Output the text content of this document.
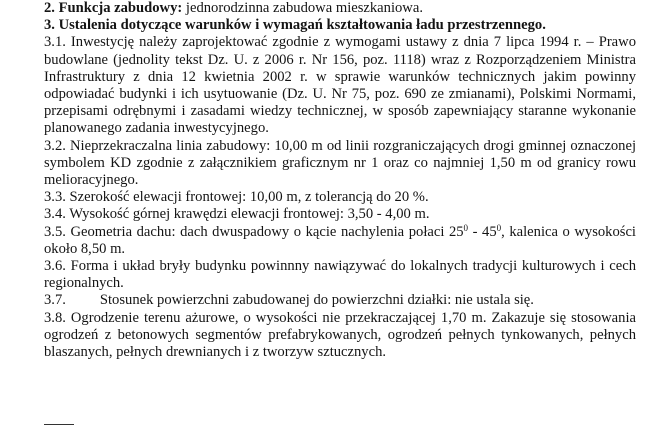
2. Funkcja zabudowy: jednorodzinna zabudowa mieszkaniowa.

3. Ustalenia dotyczące warunków i wymagań kształtowania ładu przestrzennego.

3.1. Inwestycję należy zaprojektować zgodnie z wymogami ustawy z dnia 7 lipca 1994 r. – Prawo budowlane (jednolity tekst Dz. U. z 2006 r. Nr 156, poz. 1118) wraz z Rozporządzeniem Ministra Infrastruktury z dnia 12 kwietnia 2002 r. w sprawie warunków technicznych jakim powinny odpowiadać budynki i ich usytuowanie (Dz. U. Nr 75, poz. 690 ze zmianami), Polskimi Normami, przepisami odrębnymi i zasadami wiedzy technicznej, w sposób zapewniający staranne wykonanie planowanego zadania inwestycyjnego.

3.2. Nieprzekraczalna linia zabudowy: 10,00 m od linii rozgraniczających drogi gminnej oznaczonej symbolem KD zgodnie z załącznikiem graficznym nr 1 oraz co najmniej 1,50 m od granicy rowu melioracyjnego.

3.3. Szerokość elewacji frontowej: 10,00 m, z tolerancją do 20 %.

3.4. Wysokość górnej krawędzi elewacji frontowej: 3,50 - 4,00 m.

3.5. Geometria dachu: dach dwuspadowy o kącie nachylenia połaci $25^0 - 45^0$, kalenica o wysokości około 8,50 m.

3.6. Forma i układ bryły budynku powinnny nawiązywać do lokalnych tradycji kulturowych i cech regionalnych.

3.7. Stosunek powierzchni zabudowanej do powierzchni działki: nie ustala się.

3.8. Ogrodzenie terenu ażurowe, o wysokości nie przekraczającej 1,70 m. Zakazuje się stosowania ogrodzeń z betonowych segmentów prefabrykowanych, ogrodzeń pełnych tynkowanych, pełnych blaszanych, pełnych drewnianych i z tworzyw sztucznych.
